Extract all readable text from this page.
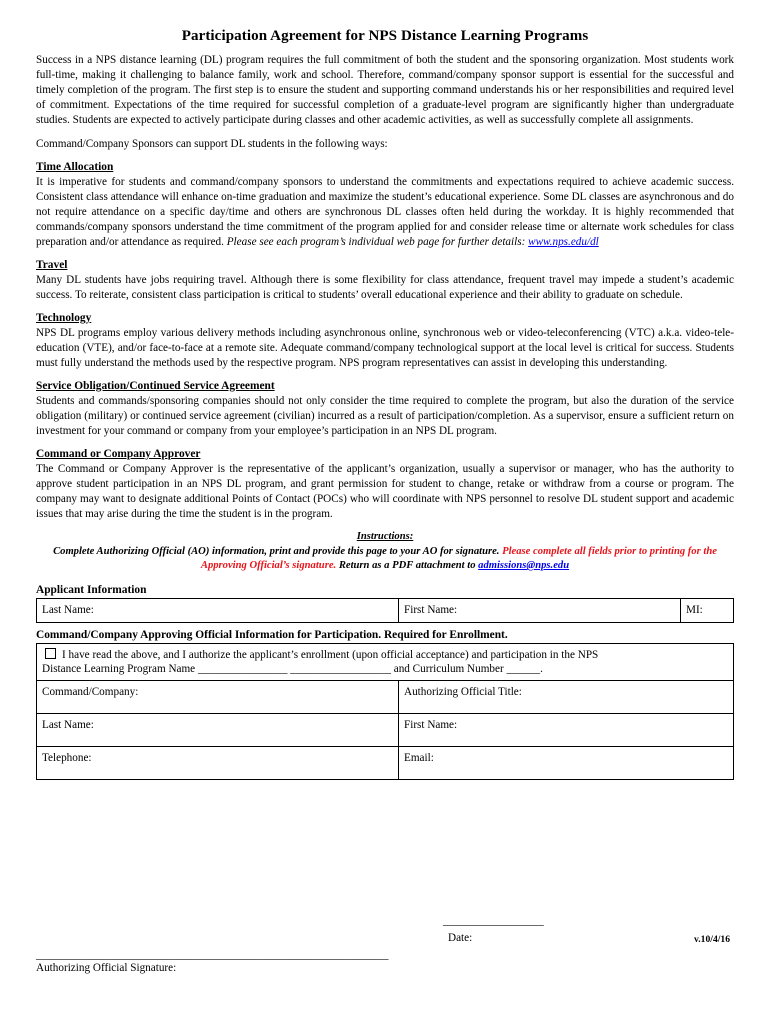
Participation Agreement for NPS Distance Learning Programs

Success in a NPS distance learning (DL) program requires the full commitment of both the student and the sponsoring organization. Most students work full-time, making it challenging to balance family, work and school. Therefore, command/company sponsor support is essential for the successful and timely completion of the program. The first step is to ensure the student and supporting command understands his or her responsibilities and required level of commitment. Expectations of the time required for successful completion of a graduate-level program are significantly higher than undergraduate studies. Students are expected to actively participate during classes and other academic activities, as well as successfully complete all assignments.

Command/Company Sponsors can support DL students in the following ways:

Time Allocation

It is imperative for students and command/company sponsors to understand the commitments and expectations required to achieve academic success. Consistent class attendance will enhance on-time graduation and maximize the student’s educational experience. Some DL classes are asynchronous and do not require attendance on a specific day/time and others are synchronous DL classes often held during the workday. It is highly recommended that commands/company sponsors understand the time commitment of the program applied for and consider release time or alternate work schedules for class preparation and/or attendance as required. Please see each program’s individual web page for further details: www.nps.edu/dl

Travel

Many DL students have jobs requiring travel. Although there is some flexibility for class attendance, frequent travel may impede a student’s academic success. To reiterate, consistent class participation is critical to students’ overall educational experience and their ability to graduate on schedule.

Technology

NPS DL programs employ various delivery methods including asynchronous online, synchronous web or video-teleconferencing (VTC) a.k.a. video-tele-education (VTE), and/or face-to-face at a remote site. Adequate command/company technological support at the local level is critical for success. Students must fully understand the methods used by the respective program. NPS program representatives can assist in developing this understanding.

Service Obligation/Continued Service Agreement

Students and commands/sponsoring companies should not only consider the time required to complete the program, but also the duration of the service obligation (military) or continued service agreement (civilian) incurred as a result of participation/completion. As a supervisor, ensure a sufficient return on investment for your command or company from your employee’s participation in an NPS DL program.

Command or Company Approver

The Command or Company Approver is the representative of the applicant’s organization, usually a supervisor or manager, who has the authority to approve student participation in an NPS DL program, and grant permission for student to change, retake or withdraw from a course or program. The company may want to designate additional Points of Contact (POCs) who will coordinate with NPS personnel to resolve DL student support and academic issues that may arise during the time the student is in the program.

Instructions:
Complete Authorizing Official (AO) information, print and provide this page to your AO for signature. Please complete all fields prior to printing for the Approving Official’s signature. Return as a PDF attachment to admissions@nps.edu
Applicant Information
Last Name:	First Name:	MI:
Command/Company Approving Official Information for Participation. Required for Enrollment.
I have read the above, and I authorize the applicant’s enrollment (upon official acceptance) and participation in the NPS
Distance Learning Program Name ________________ __________________ and Curriculum Number ______.	
Command/Company:	Authorizing Official Title:
Last Name:	First Name:
Telephone:	Email:
__________________
Date:	v.10/4/16
_______________________________________________________________
Authorizing Official Signature:
